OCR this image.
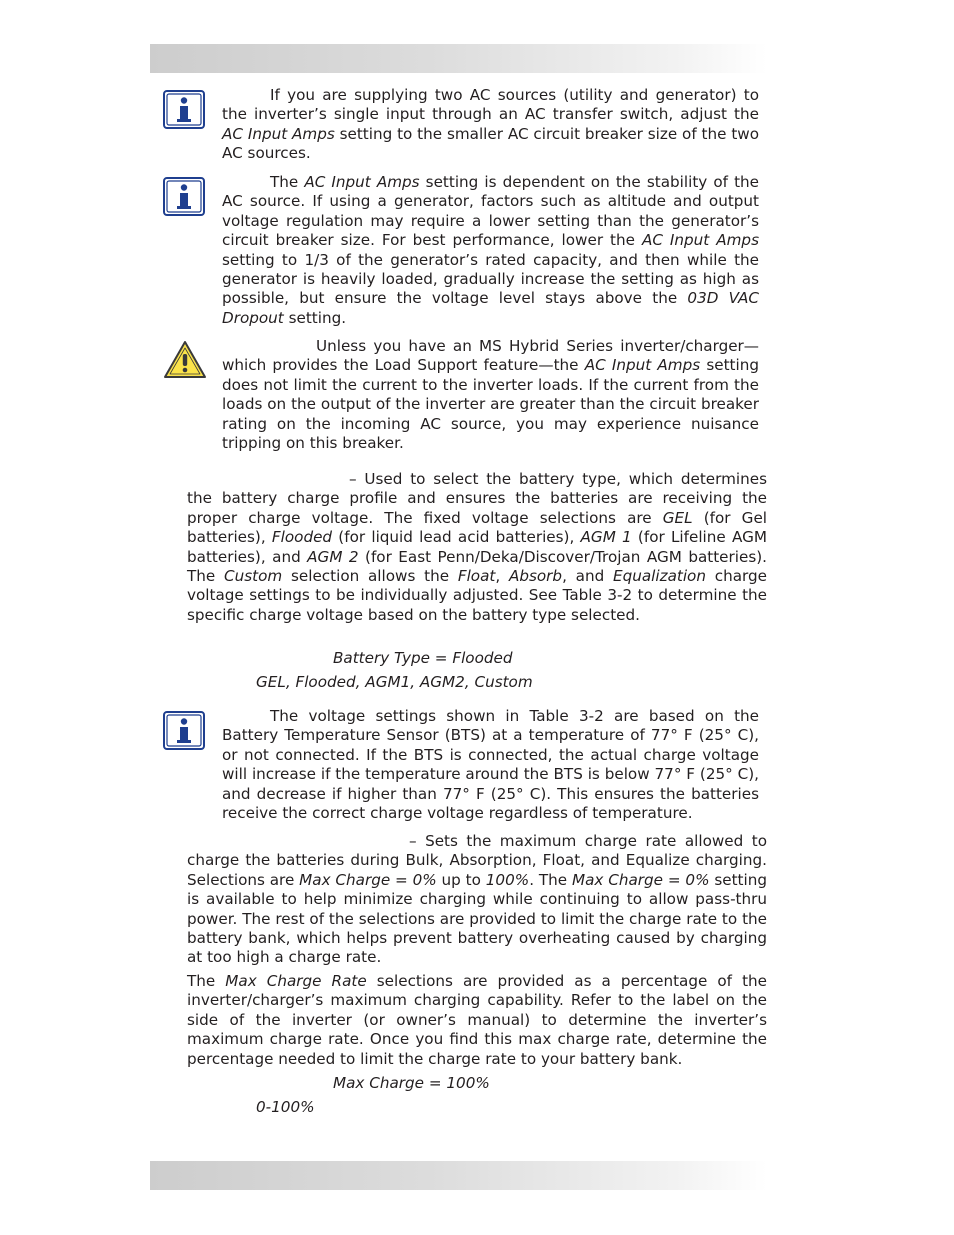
If you are supplying two AC sources (utility and generator) to the inverter’s single input through an AC transfer switch, adjust the AC Input Amps setting to the smaller AC circuit breaker size of the two AC sources.
The AC Input Amps setting is dependent on the stability of the AC source. If using a generator, factors such as altitude and output voltage regulation may require a lower setting than the generator’s circuit breaker size. For best performance, lower the AC Input Amps setting to 1/3 of the generator’s rated capacity, and then while the generator is heavily loaded, gradually increase the setting as high as possible, but ensure the voltage level stays above the 03D VAC Dropout setting.
Unless you have an MS Hybrid Series inverter/charger—which provides the Load Support feature—the AC Input Amps setting does not limit the current to the inverter loads. If the current from the loads on the output of the inverter are greater than the circuit breaker rating on the incoming AC source, you may experience nuisance tripping on this breaker.
– Used to select the battery type, which determines the battery charge profile and ensures the batteries are receiving the proper charge voltage. The fixed voltage selections are GEL (for Gel batteries), Flooded (for liquid lead acid batteries), AGM 1 (for Lifeline AGM batteries), and AGM 2 (for East Penn/Deka/Discover/Trojan AGM batteries). The Custom selection allows the Float, Absorb, and Equalization charge voltage settings to be individually adjusted. See Table 3-2 to determine the specific charge voltage based on the battery type selected.
Battery Type = Flooded
GEL, Flooded, AGM1, AGM2, Custom
The voltage settings shown in Table 3-2 are based on the Battery Temperature Sensor (BTS) at a temperature of 77° F (25° C), or not connected. If the BTS is connected, the actual charge voltage will increase if the temperature around the BTS is below 77° F (25° C), and decrease if higher than 77° F (25° C). This ensures the batteries receive the correct charge voltage regardless of temperature.
– Sets the maximum charge rate allowed to charge the batteries during Bulk, Absorption, Float, and Equalize charging. Selections are Max Charge = 0% up to 100%. The Max Charge = 0% setting is available to help minimize charging while continuing to allow pass-thru power. The rest of the selections are provided to limit the charge rate to the battery bank, which helps prevent battery overheating caused by charging at too high a charge rate.
The Max Charge Rate selections are provided as a percentage of the inverter/charger’s maximum charging capability. Refer to the label on the side of the inverter (or owner’s manual) to determine the inverter’s maximum charge rate. Once you find this max charge rate, determine the percentage needed to limit the charge rate to your battery bank.
Max Charge = 100%
0-100%
